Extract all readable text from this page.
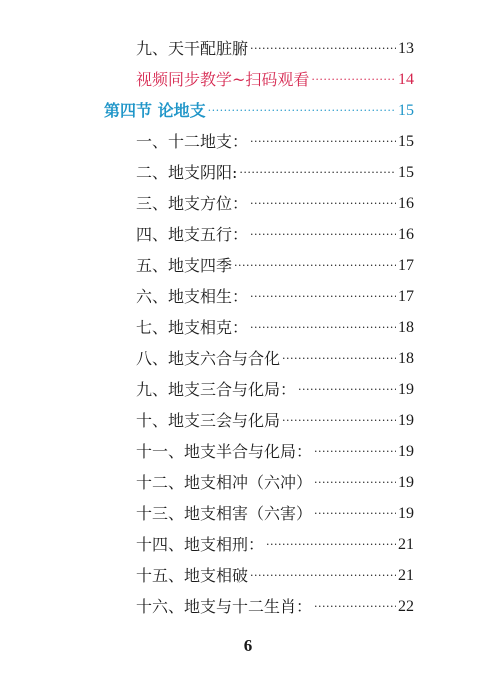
九、天干配脏腑 .....	13
视频同步教学~扫码观看 .....	14
第四节 论地支 .....	15
一、十二地支： .....	15
二、地支阴阳: .....	15
三、地支方位： .....	16
四、地支五行： .....	16
五、地支四季 .....	17
六、地支相生： .....	17
七、地支相克： .....	18
八、地支六合与合化 .....	18
九、地支三合与化局： .....	19
十、地支三会与化局 .....	19
十一、地支半合与化局： .....	19
十二、地支相冲（六冲） .....	19
十三、地支相害（六害） .....	19
十四、地支相刑： .....	21
十五、地支相破 .....	21
十六、地支与十二生肖： .....	22
6
